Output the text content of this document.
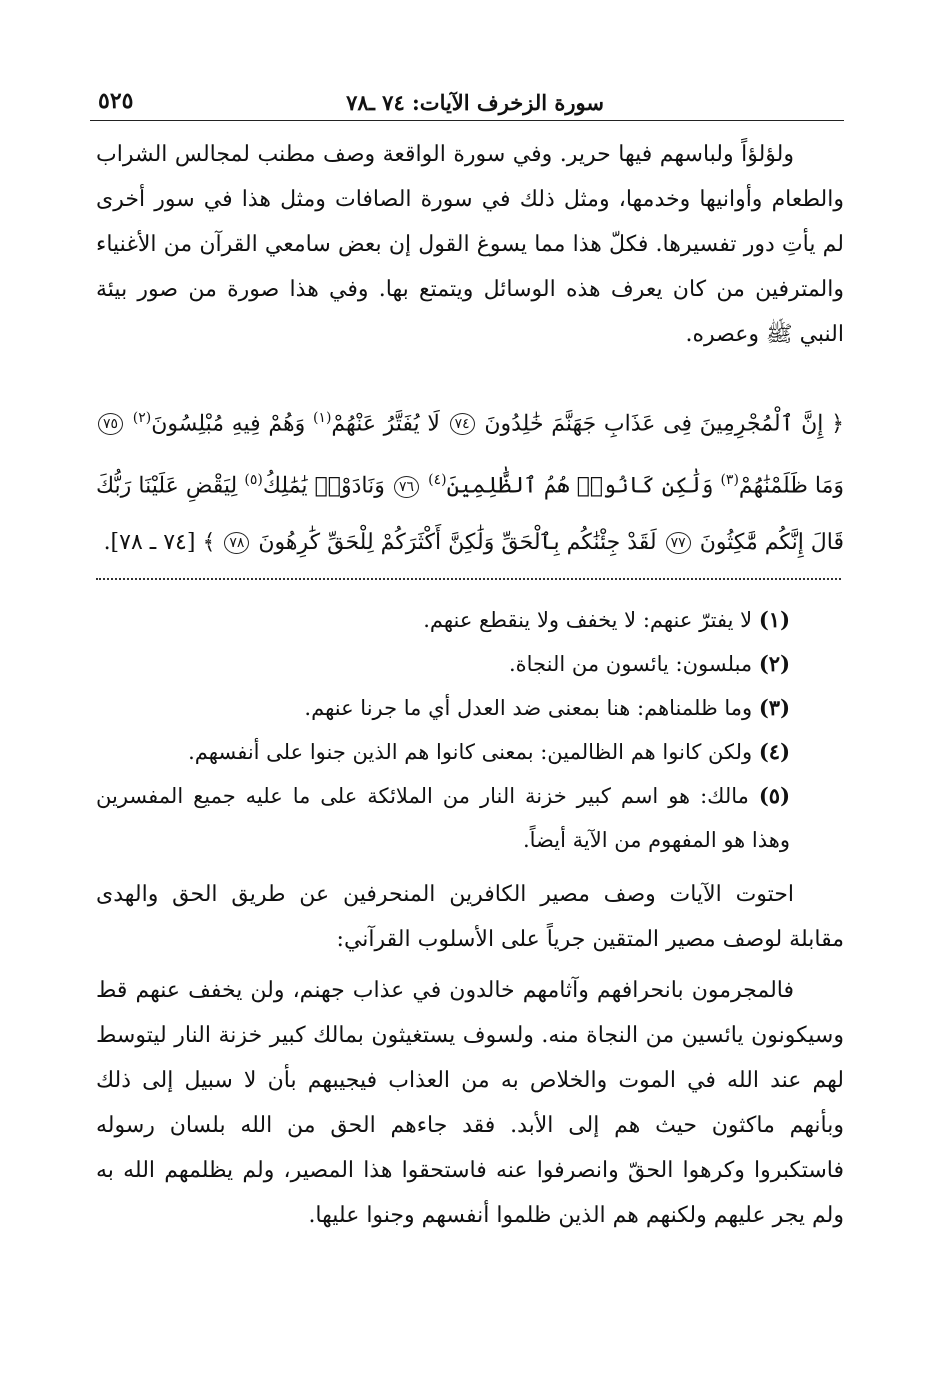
سورة الزخرف الآيات: ٧٤ ـ٧٨
٥٢٥
ولؤلؤاً ولباسهم فيها حرير. وفي سورة الواقعة وصف مطنب لمجالس الشراب والطعام وأوانيها وخدمها، ومثل ذلك في سورة الصافات ومثل هذا في سور أخرى لم يأتِ دور تفسيرها. فكلّ هذا مما يسوغ القول إن بعض سامعي القرآن من الأغنياء والمترفين من كان يعرف هذه الوسائل ويتمتع بها. وفي هذا صورة من صور بيئة النبي ﷺ وعصره.
﴿ إِنَّ ٱلْمُجْرِمِينَ فِى عَذَابِ جَهَنَّمَ خَٰلِدُونَ ٧٤ لَا يُفَتَّرُ عَنْهُمْ$^{(١)}$ وَهُمْ فِيهِ مُبْلِسُونَ$^{(٢)}$ ٧٥ وَمَا ظَلَمْنَٰهُمْ$^{(٣)}$ وَلَٰكِن كَانُوا۟ هُمُ ٱلظَّٰلِمِينَ$^{(٤)}$ ٧٦ وَنَادَوْا۟ يَٰمَٰلِكُ$^{(٥)}$ لِيَقْضِ عَلَيْنَا رَبُّكَ قَالَ إِنَّكُم مَّٰكِثُونَ ٧٧ لَقَدْ جِئْنَٰكُم بِٱلْحَقِّ وَلَٰكِنَّ أَكْثَرَكُمْ لِلْحَقِّ كَٰرِهُونَ ٧٨ ﴾ [٧٤ ـ ٧٨].
(١) لا يفترّ عنهم: لا يخفف ولا ينقطع عنهم.
(٢) مبلسون: يائسون من النجاة.
(٣) وما ظلمناهم: هنا بمعنى ضد العدل أي ما جرنا عنهم.
(٤) ولكن كانوا هم الظالمين: بمعنى كانوا هم الذين جنوا على أنفسهم.
(٥) مالك: هو اسم كبير خزنة النار من الملائكة على ما عليه جميع المفسرين وهذا هو المفهوم من الآية أيضاً.
احتوت الآيات وصف مصير الكافرين المنحرفين عن طريق الحق والهدى مقابلة لوصف مصير المتقين جرياً على الأسلوب القرآني:
فالمجرمون بانحرافهم وآثامهم خالدون في عذاب جهنم، ولن يخفف عنهم قط وسيكونون يائسين من النجاة منه. ولسوف يستغيثون بمالك كبير خزنة النار ليتوسط لهم عند الله في الموت والخلاص به من العذاب فيجيبهم بأن لا سبيل إلى ذلك وبأنهم ماكثون حيث هم إلى الأبد. فقد جاءهم الحق من الله بلسان رسوله فاستكبروا وكرهوا الحقّ وانصرفوا عنه فاستحقوا هذا المصير، ولم يظلمهم الله به ولم يجر عليهم ولكنهم هم الذين ظلموا أنفسهم وجنوا عليها.
